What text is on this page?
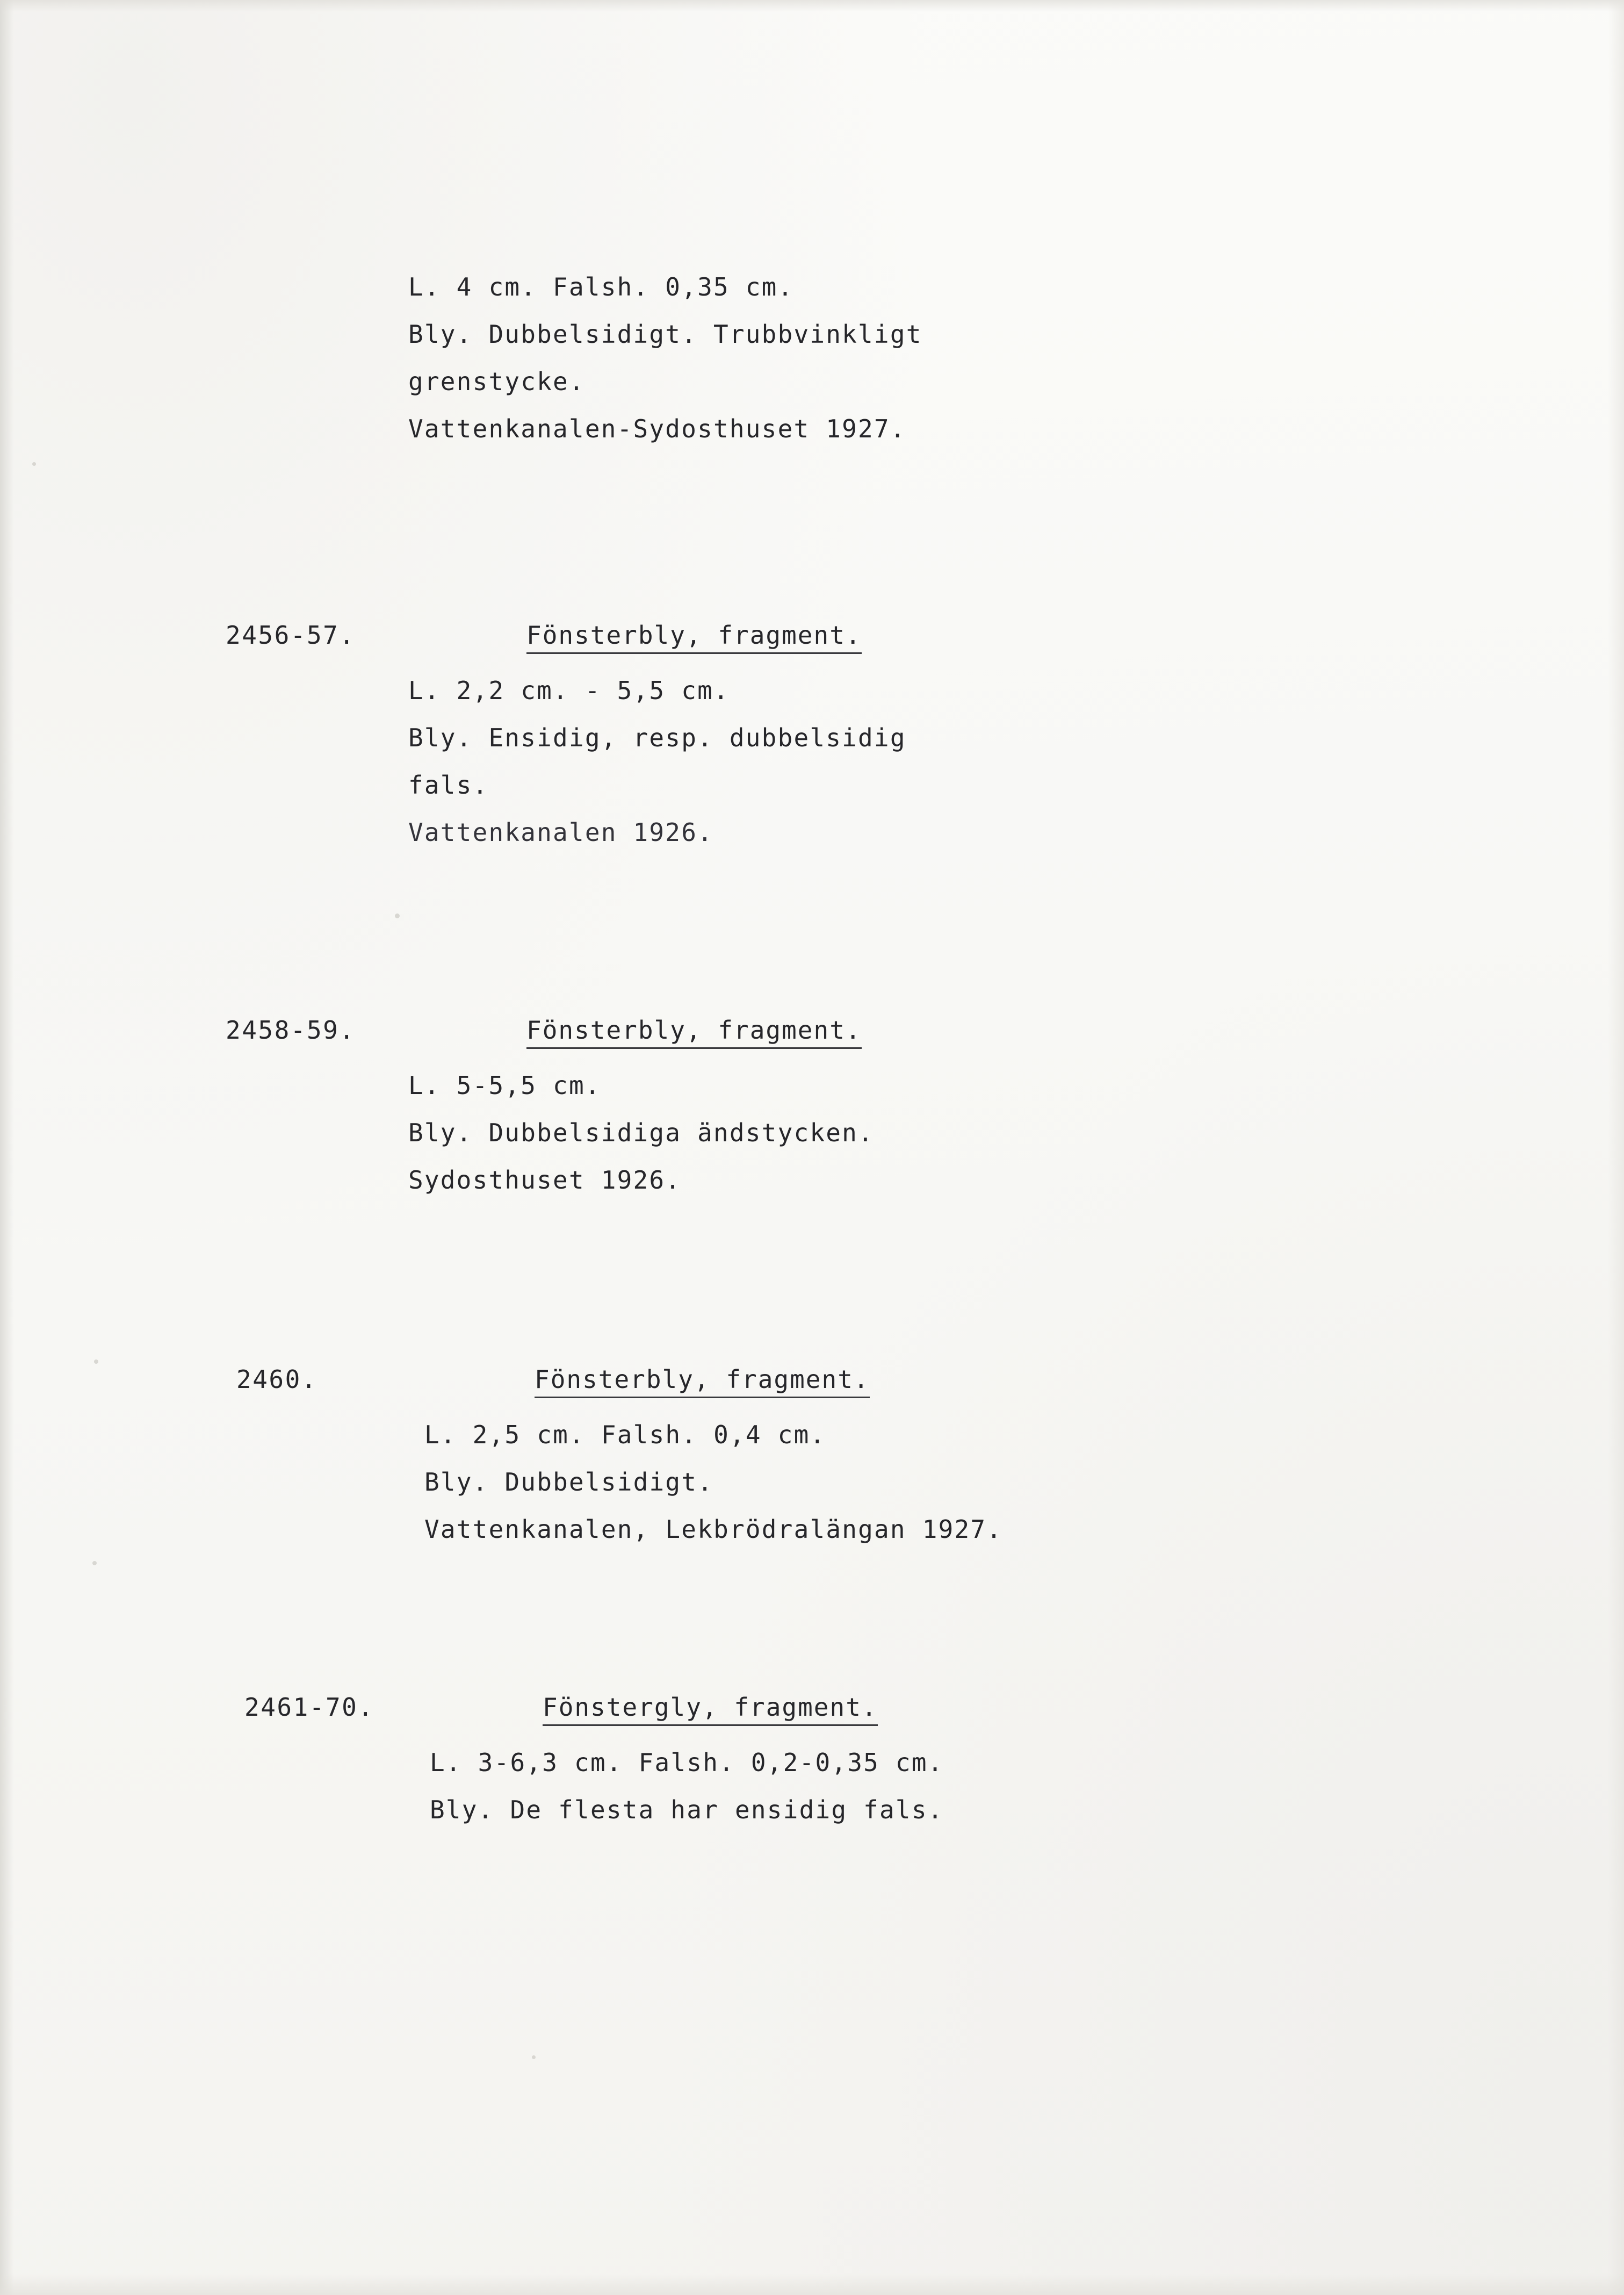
L. 4 cm. Falsh. 0,35 cm.
Bly. Dubbelsidigt. Trubbvinkligt
grenstycke.
Vattenkanalen-Sydosthuset 1927.
2456-57.	Fönsterbly, fragment.
L. 2,2 cm. - 5,5 cm.
Bly. Ensidig, resp. dubbelsidig
fals.
Vattenkanalen 1926.
2458-59.	Fönsterbly, fragment.
L. 5-5,5 cm.
Bly. Dubbelsidiga ändstycken.
Sydosthuset 1926.
2460.	Fönsterbly, fragment.
L. 2,5 cm. Falsh. 0,4 cm.
Bly. Dubbelsidigt.
Vattenkanalen, Lekbrödralängan 1927.
2461-70.	Fönstergly, fragment.
L. 3-6,3 cm. Falsh. 0,2-0,35 cm.
Bly. De flesta har ensidig fals.
